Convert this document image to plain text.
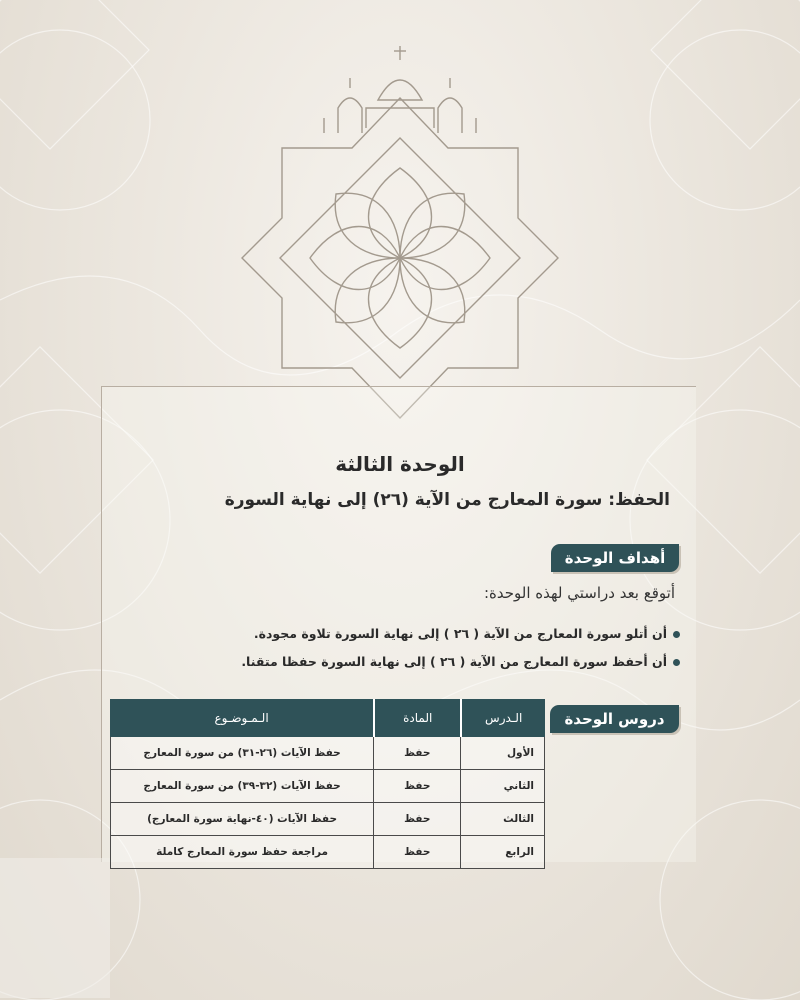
الوحدة الثالثة
الحفظ: سورة المعارج من الآية (٢٦) إلى نهاية السورة
أهداف الوحدة
أتوقع بعد دراستي لهذه الوحدة:
أن أتلو سورة المعارج من الآية ( ٢٦ ) إلى نهاية السورة تلاوة مجودة.
أن أحفظ سورة المعارج من الآية ( ٢٦ ) إلى نهاية السورة حفظا متقنا.
دروس الوحدة
الـدرس	المادة	الـمـوضـوع
الأول	حفظ	حفظ الآيات (٢٦-٣١) من سورة المعارج
الثاني	حفظ	حفظ الآيات (٣٢-٣٩) من سورة المعارج
الثالث	حفظ	حفظ الآيات (٤٠-نهاية سورة المعارج)
الرابع	حفظ	مراجعة حفظ سورة المعارج كاملة
